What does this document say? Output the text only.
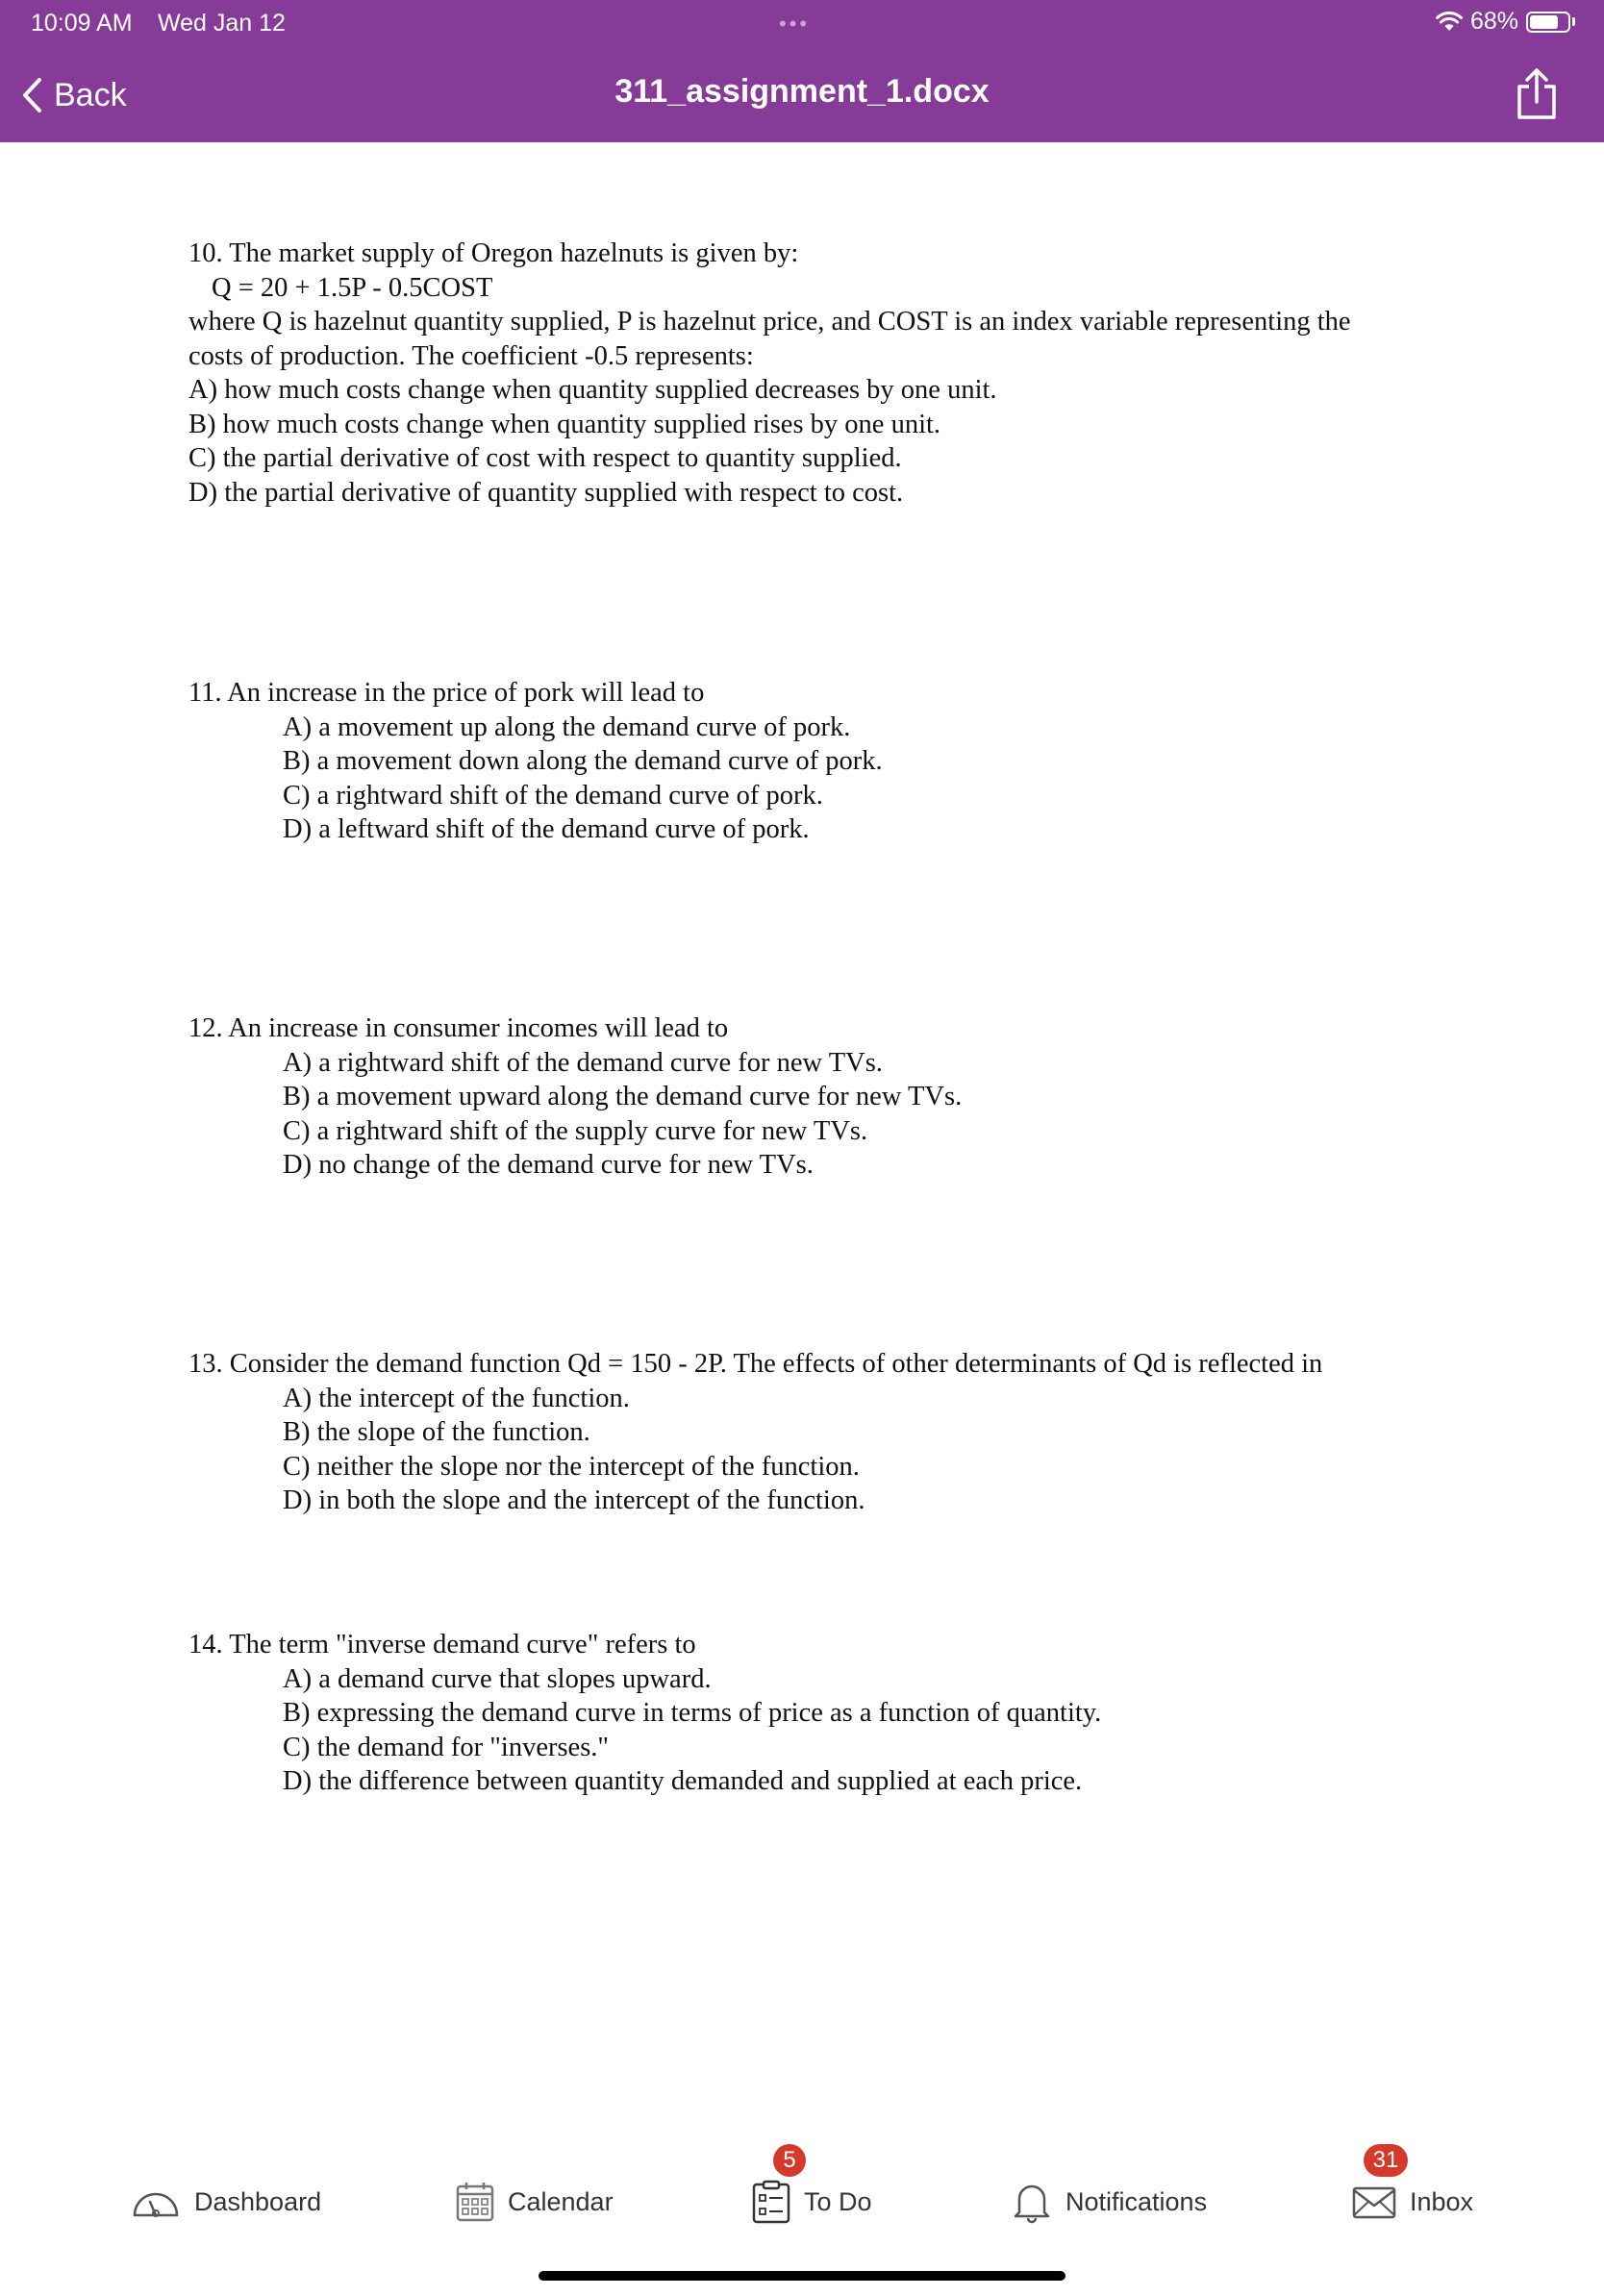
10:09 AM Wed Jan 12	•••	68%
Back	311_assignment_1.docx
10. The market supply of Oregon hazelnuts is given by:
Q = 20 + 1.5P - 0.5COST
where Q is hazelnut quantity supplied, P is hazelnut price, and COST is an index variable representing the
costs of production. The coefficient -0.5 represents:
A) how much costs change when quantity supplied decreases by one unit.
B) how much costs change when quantity supplied rises by one unit.
C) the partial derivative of cost with respect to quantity supplied.
D) the partial derivative of quantity supplied with respect to cost.
11. An increase in the price of pork will lead to
A) a movement up along the demand curve of pork.
B) a movement down along the demand curve of pork.
C) a rightward shift of the demand curve of pork.
D) a leftward shift of the demand curve of pork.
12. An increase in consumer incomes will lead to
A) a rightward shift of the demand curve for new TVs.
B) a movement upward along the demand curve for new TVs.
C) a rightward shift of the supply curve for new TVs.
D) no change of the demand curve for new TVs.
13. Consider the demand function Qd = 150 - 2P. The effects of other determinants of Qd is reflected in
A) the intercept of the function.
B) the slope of the function.
C) neither the slope nor the intercept of the function.
D) in both the slope and the intercept of the function.
14. The term "inverse demand curve" refers to
A) a demand curve that slopes upward.
B) expressing the demand curve in terms of price as a function of quantity.
C) the demand for "inverses."
D) the difference between quantity demanded and supplied at each price.
Dashboard	Calendar	To Do
5
Notifications	Inbox
31
